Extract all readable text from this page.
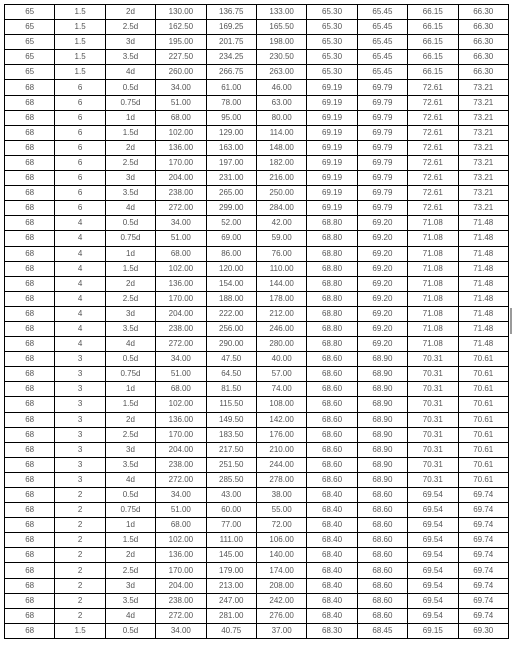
65	1.5	2d	130.00	136.75	133.00	65.30	65.45	66.15	66.30
65	1.5	2.5d	162.50	169.25	165.50	65.30	65.45	66.15	66.30
65	1.5	3d	195.00	201.75	198.00	65.30	65.45	66.15	66.30
65	1.5	3.5d	227.50	234.25	230.50	65.30	65.45	66.15	66.30
65	1.5	4d	260.00	266.75	263.00	65.30	65.45	66.15	66.30
68	6	0.5d	34.00	61.00	46.00	69.19	69.79	72.61	73.21
68	6	0.75d	51.00	78.00	63.00	69.19	69.79	72.61	73.21
68	6	1d	68.00	95.00	80.00	69.19	69.79	72.61	73.21
68	6	1.5d	102.00	129.00	114.00	69.19	69.79	72.61	73.21
68	6	2d	136.00	163.00	148.00	69.19	69.79	72.61	73.21
68	6	2.5d	170.00	197.00	182.00	69.19	69.79	72.61	73.21
68	6	3d	204.00	231.00	216.00	69.19	69.79	72.61	73.21
68	6	3.5d	238.00	265.00	250.00	69.19	69.79	72.61	73.21
68	6	4d	272.00	299.00	284.00	69.19	69.79	72.61	73.21
68	4	0.5d	34.00	52.00	42.00	68.80	69.20	71.08	71.48
68	4	0.75d	51.00	69.00	59.00	68.80	69.20	71.08	71.48
68	4	1d	68.00	86.00	76.00	68.80	69.20	71.08	71.48
68	4	1.5d	102.00	120.00	110.00	68.80	69.20	71.08	71.48
68	4	2d	136.00	154.00	144.00	68.80	69.20	71.08	71.48
68	4	2.5d	170.00	188.00	178.00	68.80	69.20	71.08	71.48
68	4	3d	204.00	222.00	212.00	68.80	69.20	71.08	71.48
68	4	3.5d	238.00	256.00	246.00	68.80	69.20	71.08	71.48
68	4	4d	272.00	290.00	280.00	68.80	69.20	71.08	71.48
68	3	0.5d	34.00	47.50	40.00	68.60	68.90	70.31	70.61
68	3	0.75d	51.00	64.50	57.00	68.60	68.90	70.31	70.61
68	3	1d	68.00	81.50	74.00	68.60	68.90	70.31	70.61
68	3	1.5d	102.00	115.50	108.00	68.60	68.90	70.31	70.61
68	3	2d	136.00	149.50	142.00	68.60	68.90	70.31	70.61
68	3	2.5d	170.00	183.50	176.00	68.60	68.90	70.31	70.61
68	3	3d	204.00	217.50	210.00	68.60	68.90	70.31	70.61
68	3	3.5d	238.00	251.50	244.00	68.60	68.90	70.31	70.61
68	3	4d	272.00	285.50	278.00	68.60	68.90	70.31	70.61
68	2	0.5d	34.00	43.00	38.00	68.40	68.60	69.54	69.74
68	2	0.75d	51.00	60.00	55.00	68.40	68.60	69.54	69.74
68	2	1d	68.00	77.00	72.00	68.40	68.60	69.54	69.74
68	2	1.5d	102.00	111.00	106.00	68.40	68.60	69.54	69.74
68	2	2d	136.00	145.00	140.00	68.40	68.60	69.54	69.74
68	2	2.5d	170.00	179.00	174.00	68.40	68.60	69.54	69.74
68	2	3d	204.00	213.00	208.00	68.40	68.60	69.54	69.74
68	2	3.5d	238.00	247.00	242.00	68.40	68.60	69.54	69.74
68	2	4d	272.00	281.00	276.00	68.40	68.60	69.54	69.74
68	1.5	0.5d	34.00	40.75	37.00	68.30	68.45	69.15	69.30
